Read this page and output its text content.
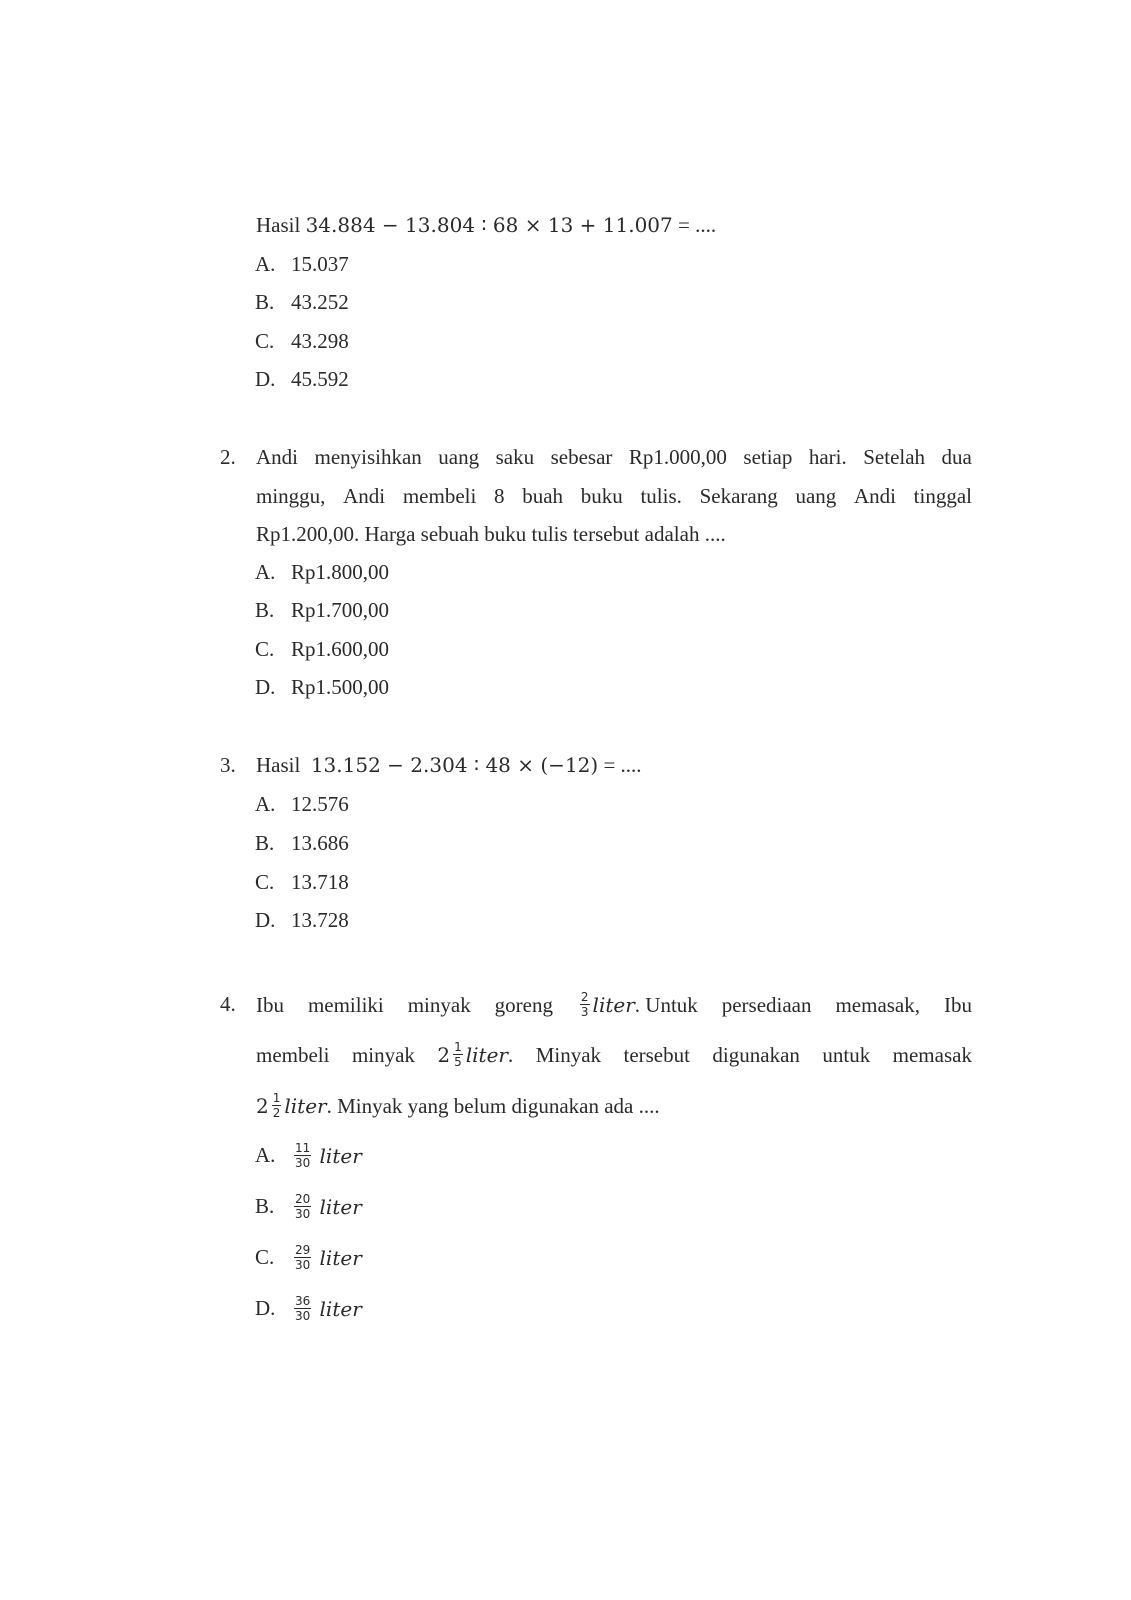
Hasil 34.884 − 13.804 ∶ 68 × 13 + 11.007 = ....
A. 15.037
B. 43.252
C. 43.298
D. 45.592
2. Andi menyisihkan uang saku sebesar Rp1.000,00 setiap hari. Setelah dua
minggu, Andi membeli 8 buah buku tulis. Sekarang uang Andi tinggal
Rp1.200,00. Harga sebuah buku tulis tersebut adalah ....
A. Rp1.800,00
B. Rp1.700,00
C. Rp1.600,00
D. Rp1.500,00
3. Hasil 13.152 − 2.304 ∶ 48 × (−12) = ....
A. 12.576
B. 13.686
C. 13.718
D. 13.728
4. Ibu memiliki minyak goreng $\frac{2}{3}$ liter . Untuk persediaan memasak, Ibu
membeli minyak $2 \frac{1}{5}$ liter . Minyak tersebut digunakan untuk memasak
$2 \frac{1}{2}$ liter . Minyak yang belum digunakan ada ....
A. $\frac{11}{30}$
liter
B. $\frac{20}{30}$
liter
C. $\frac{29}{30}$
liter
D. $\frac{36}{30}$
liter
